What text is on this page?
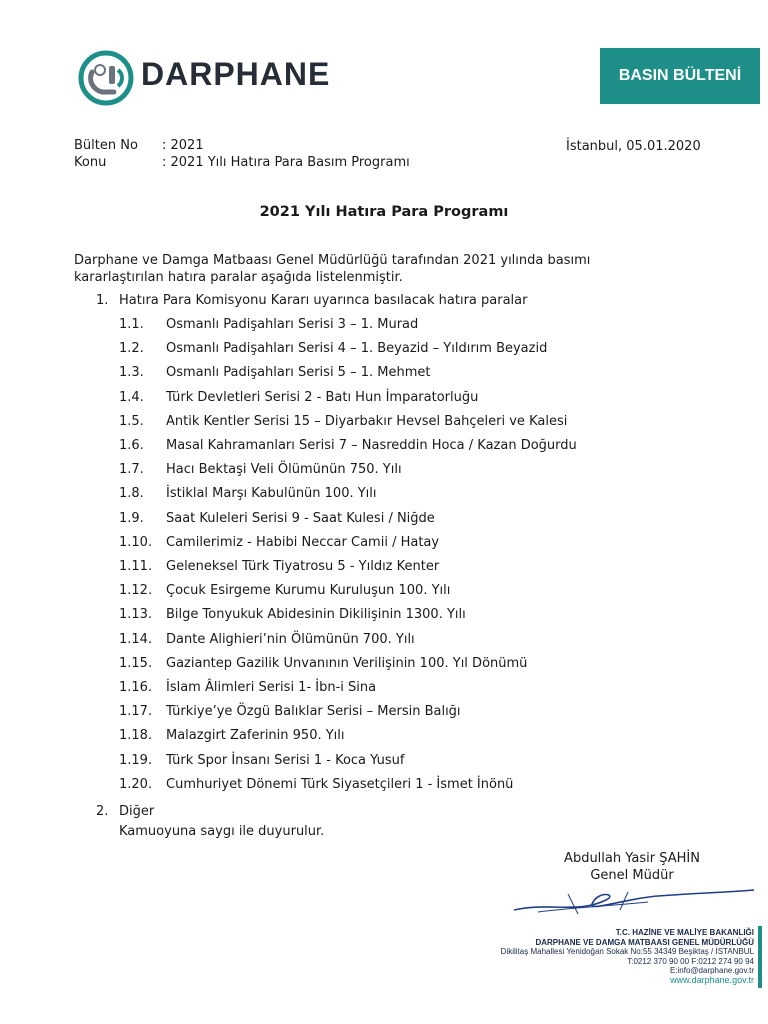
DARPHANE	BASIN BÜLTENİ
Bülten No : 2021
Konu	: 2021 Yılı Hatıra Para Basım Programı
İstanbul, 05.01.2020
2021 Yılı Hatıra Para Programı
Darphane ve Damga Matbaası Genel Müdürlüğü tarafından 2021 yılında basımı kararlaştırılan hatıra paralar aşağıda listelenmiştir.
1. Hatıra Para Komisyonu Kararı uyarınca basılacak hatıra paralar
1.1. Osmanlı Padişahları Serisi 3 – 1. Murad
1.2. Osmanlı Padişahları Serisi 4 – 1. Beyazid – Yıldırım Beyazid
1.3. Osmanlı Padişahları Serisi 5 – 1. Mehmet
1.4. Türk Devletleri Serisi 2 - Batı Hun İmparatorluğu
1.5. Antik Kentler Serisi 15 – Diyarbakır Hevsel Bahçeleri ve Kalesi
1.6. Masal Kahramanları Serisi 7 – Nasreddin Hoca / Kazan Doğurdu
1.7. Hacı Bektaşi Veli Ölümünün 750. Yılı
1.8. İstiklal Marşı Kabulünün 100. Yılı
1.9. Saat Kuleleri Serisi 9 - Saat Kulesi / Niğde
1.10. Camilerimiz - Habibi Neccar Camii / Hatay
1.11. Geleneksel Türk Tiyatrosu 5 - Yıldız Kenter
1.12. Çocuk Esirgeme Kurumu Kuruluşun 100. Yılı
1.13. Bilge Tonyukuk Abidesinin Dikilişinin 1300. Yılı
1.14. Dante Alighieri’nin Ölümünün 700. Yılı
1.15. Gaziantep Gazilik Unvanının Verilişinin 100. Yıl Dönümü
1.16. İslam Âlimleri Serisi 1- İbn-i Sina
1.17. Türkiye’ye Özgü Balıklar Serisi – Mersin Balığı
1.18. Malazgirt Zaferinin 950. Yılı
1.19. Türk Spor İnsanı Serisi 1 - Koca Yusuf
1.20. Cumhuriyet Dönemi Türk Siyasetçileri 1 - İsmet İnönü
2. Diğer
Kamuoyuna saygı ile duyurulur.
Abdullah Yasir ŞAHİN
Genel Müdür
T.C. HAZİNE VE MALİYE BAKANLIĞI
DARPHANE VE DAMGA MATBAASI GENEL MÜDÜRLÜĞÜ
Dikilitaş Mahallesi Yenidoğan Sokak No:55 34349 Beşiktaş / İSTANBUL
T:0212 370 90 00 F:0212 274 90 94
E:info@darphane.gov.tr
www.darphane.gov.tr
